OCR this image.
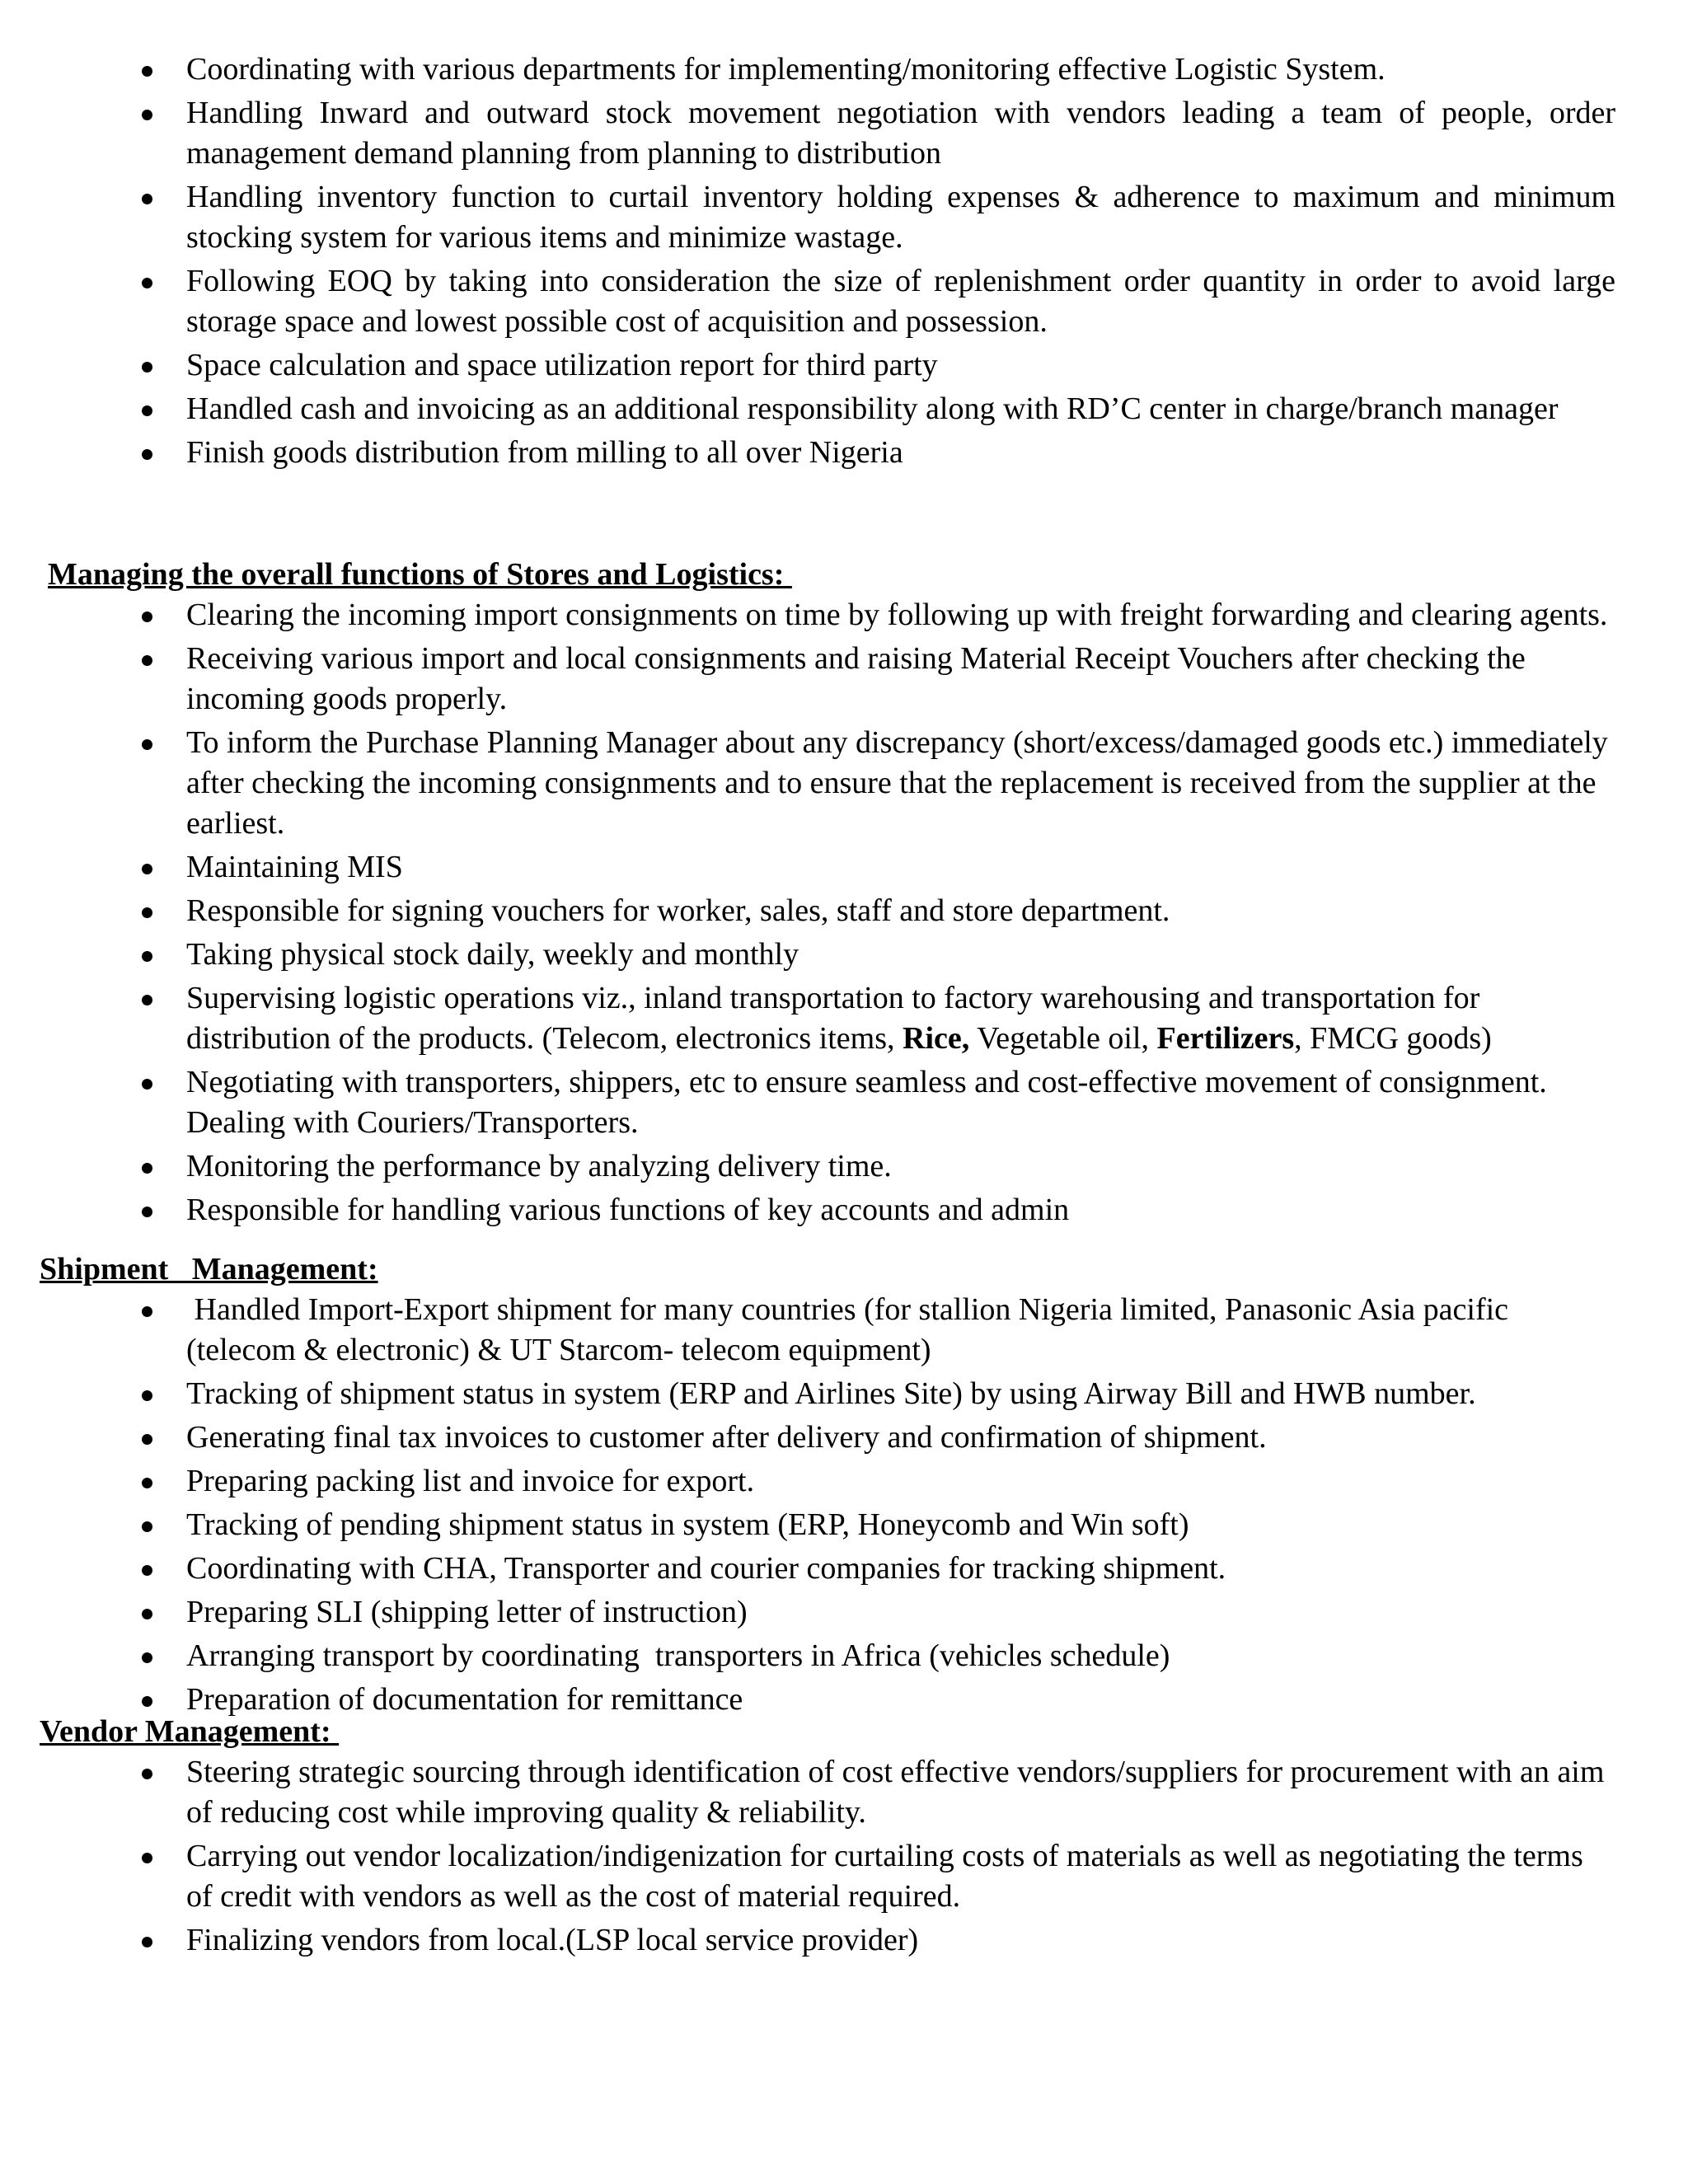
Coordinating with various departments for implementing/monitoring effective Logistic System.
Handling Inward and outward stock movement negotiation with vendors leading a team of people, order management demand planning from planning to distribution
Handling inventory function to curtail inventory holding expenses & adherence to maximum and minimum stocking system for various items and minimize wastage.
Following EOQ by taking into consideration the size of replenishment order quantity in order to avoid large storage space and lowest possible cost of acquisition and possession.
Space calculation and space utilization report for third party
Handled cash and invoicing as an additional responsibility along with RD’C center in charge/branch manager
Finish goods distribution from milling to all over Nigeria
Managing the overall functions of Stores and Logistics:
Clearing the incoming import consignments on time by following up with freight forwarding and clearing agents.
Receiving various import and local consignments and raising Material Receipt Vouchers after checking the incoming goods properly.
To inform the Purchase Planning Manager about any discrepancy (short/excess/damaged goods etc.) immediately after checking the incoming consignments and to ensure that the replacement is received from the supplier at the earliest.
Maintaining MIS
Responsible for signing vouchers for worker, sales, staff and store department.
Taking physical stock daily, weekly and monthly
Supervising logistic operations viz., inland transportation to factory warehousing and transportation for distribution of the products. (Telecom, electronics items, Rice, Vegetable oil, Fertilizers, FMCG goods)
Negotiating with transporters, shippers, etc to ensure seamless and cost-effective movement of consignment. Dealing with Couriers/Transporters.
Monitoring the performance by analyzing delivery time.
Responsible for handling various functions of key accounts and admin
Shipment   Management:
Handled Import-Export shipment for many countries (for stallion Nigeria limited, Panasonic Asia pacific (telecom & electronic) & UT Starcom- telecom equipment)
Tracking of shipment status in system (ERP and Airlines Site) by using Airway Bill and HWB number.
Generating final tax invoices to customer after delivery and confirmation of shipment.
Preparing packing list and invoice for export.
Tracking of pending shipment status in system (ERP, Honeycomb and Win soft)
Coordinating with CHA, Transporter and courier companies for tracking shipment.
Preparing SLI (shipping letter of instruction)
Arranging transport by coordinating  transporters in Africa (vehicles schedule)
Preparation of documentation for remittance
Vendor Management:
Steering strategic sourcing through identification of cost effective vendors/suppliers for procurement with an aim of reducing cost while improving quality & reliability.
Carrying out vendor localization/indigenization for curtailing costs of materials as well as negotiating the terms of credit with vendors as well as the cost of material required.
Finalizing vendors from local.(LSP local service provider)
